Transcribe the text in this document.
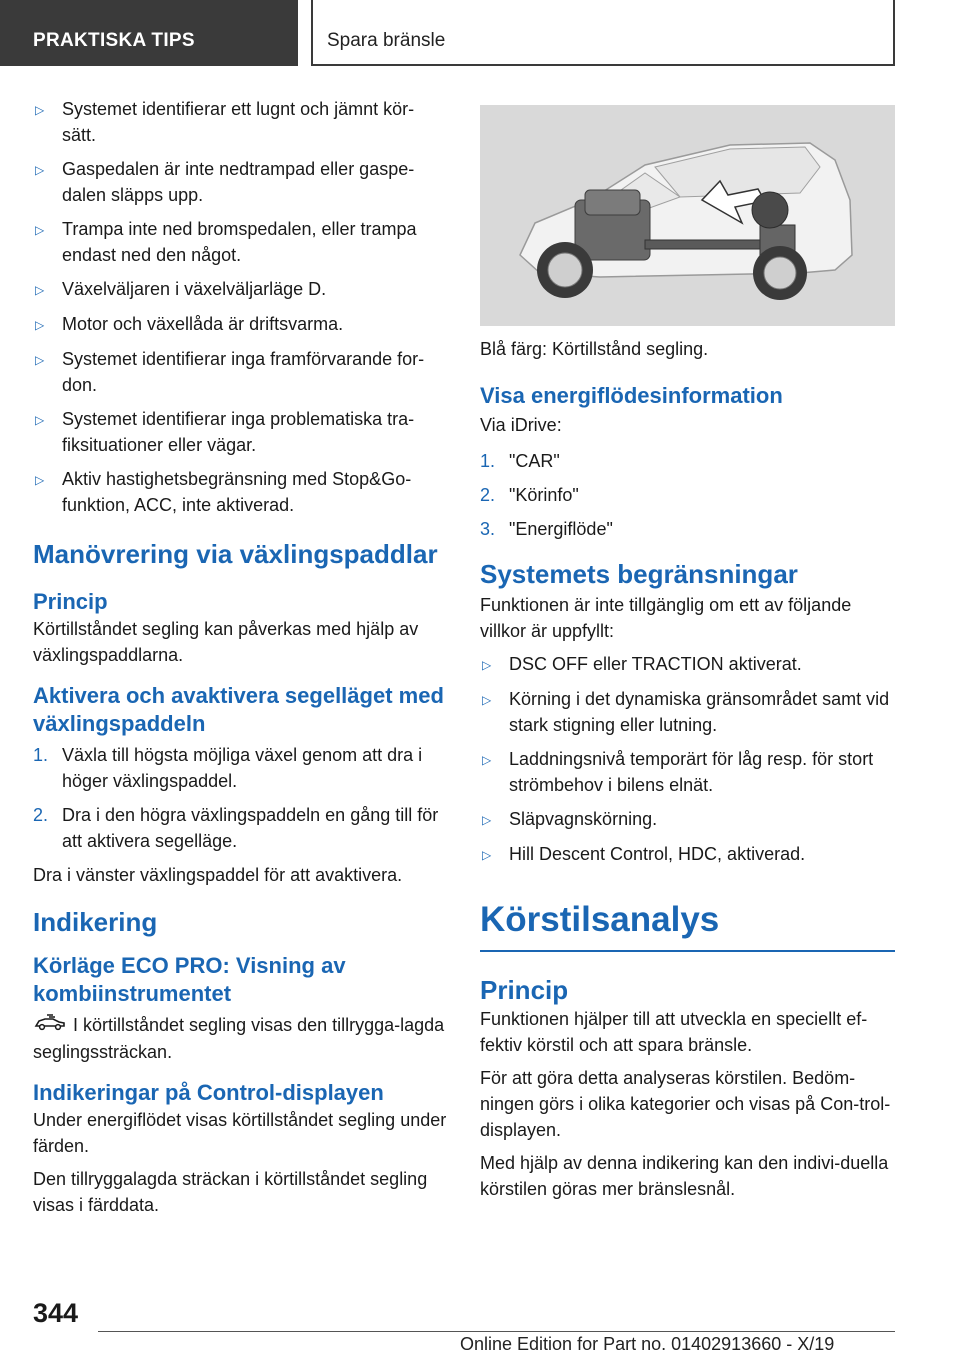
PRAKTISKA TIPS	Spara bränsle
▷ Systemet identifierar ett lugnt och jämnt kör-sätt.
▷ Gaspedalen är inte nedtrampad eller gaspe-dalen släpps upp.
▷ Trampa inte ned bromspedalen, eller trampa endast ned den något.
▷ Växelväljaren i växelväljarläge D.
▷ Motor och växellåda är driftsvarma.
▷ Systemet identifierar inga framförvarande for-don.
▷ Systemet identifierar inga problematiska tra-fiksituationer eller vägar.
▷ Aktiv hastighetsbegränsning med Stop&Go-funktion, ACC, inte aktiverad.
Manövrering via växlingspaddlar
Princip

Körtillståndet segling kan påverkas med hjälp av växlingspaddlarna.

Aktivera och avaktivera segelläget med växlingspaddeln
1. Växla till högsta möjliga växel genom att dra i höger växlingspaddel.
2. Dra i den högra växlingspaddeln en gång till för att aktivera segelläge.

Dra i vänster växlingspaddel för att avaktivera.

Indikering
Körläge ECO PRO: Visning av kombiinstrumentet

I körtillståndet segling visas den tillrygga-lagda seglingssträckan.

Indikeringar på Control-displayen

Under energiflödet visas körtillståndet segling under färden.

Den tillryggalagda sträckan i körtillståndet segling visas i färddata.

Blå färg: Körtillstånd segling.

Visa energiflödesinformation

Via iDrive:

1. "CAR"
2. "Körinfo"
3. "Energiflöde"
Systemets begränsningar

Funktionen är inte tillgänglig om ett av följande villkor är uppfyllt:

▷ DSC OFF eller TRACTION aktiverat.
▷ Körning i det dynamiska gränsområdet samt vid stark stigning eller lutning.
▷ Laddningsnivå temporärt för låg resp. för stort strömbehov i bilens elnät.
▷ Släpvagnskörning.
▷ Hill Descent Control, HDC, aktiverad.
Körstilsanalys
Princip

Funktionen hjälper till att utveckla en speciellt ef-fektiv körstil och att spara bränsle.

För att göra detta analyseras körstilen. Bedöm-ningen görs i olika kategorier och visas på Con-trol-displayen.

Med hjälp av denna indikering kan den indivi-duella körstilen göras mer bränslesnål.

344
Online Edition for Part no. 01402913660 - X/19
